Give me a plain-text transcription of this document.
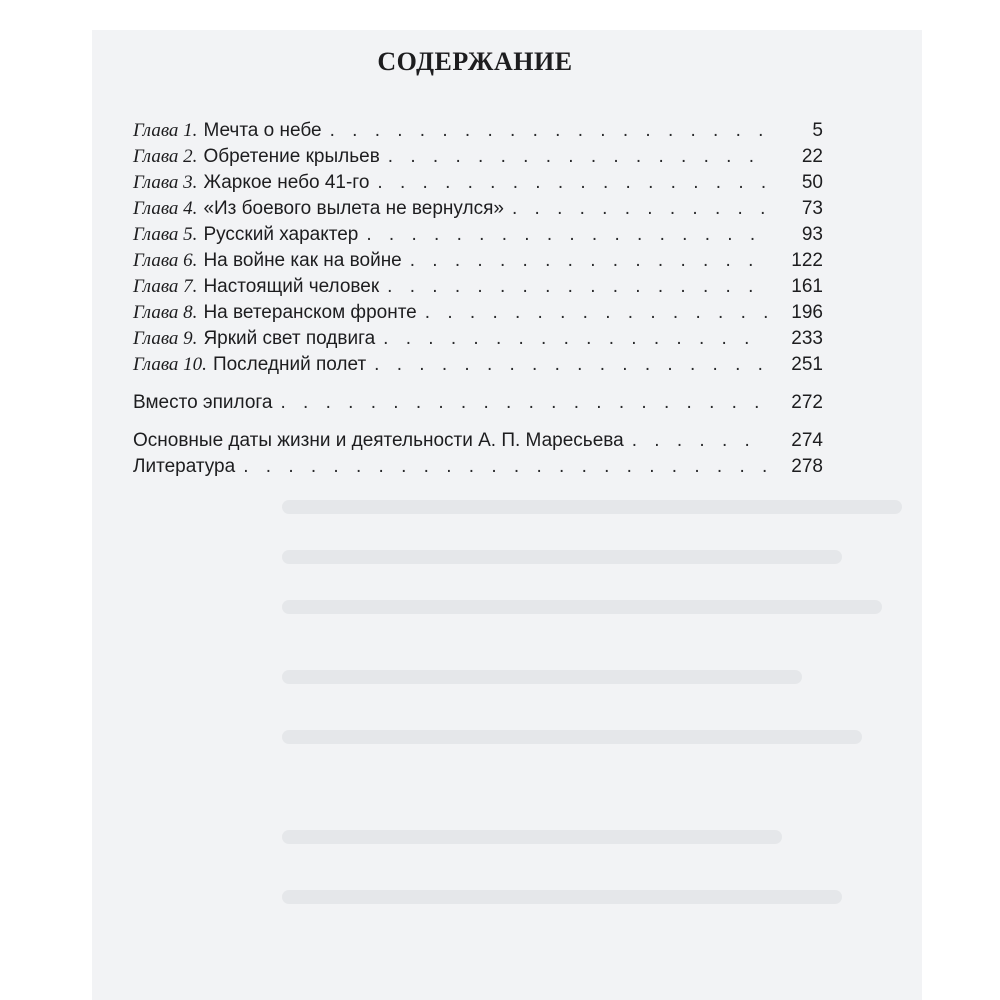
СОДЕРЖАНИЕ
Глава 1. Мечта о небе . . .	5
Глава 2. Обретение крыльев . . .	22
Глава 3. Жаркое небо 41-го . . .	50
Глава 4. «Из боевого вылета не вернулся» . . .	73
Глава 5. Русский характер . . .	93
Глава 6. На войне как на войне . . .	122
Глава 7. Настоящий человек . . .	161
Глава 8. На ветеранском фронте . . .	196
Глава 9. Яркий свет подвига . . .	233
Глава 10. Последний полет . . .	251
Вместо эпилога . . .	272
Основные даты жизни и деятельности А. П. Маресьева . . .	274
Литература . . .	278
